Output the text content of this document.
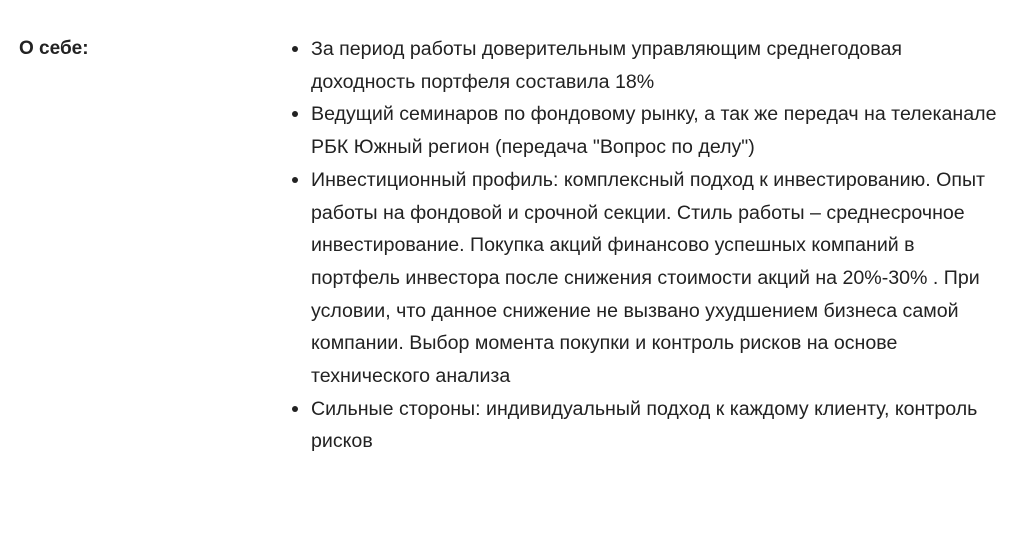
О себе:	За период работы доверительным управляющим среднегодовая доходность портфеля составила 18%
Ведущий семинаров по фондовому рынку, а так же передач на телеканале РБК Южный регион (передача "Вопрос по делу")
Инвестиционный профиль: комплексный подход к инвестированию. Опыт работы на фондовой и срочной секции. Стиль работы – среднесрочное инвестирование. Покупка акций финансово успешных компаний в портфель инвестора после снижения стоимости акций на 20%-30% . При условии, что данное снижение не вызвано ухудшением бизнеса самой компании. Выбор момента покупки и контроль рисков на основе технического анализа
Сильные стороны: индивидуальный подход к каждому клиенту, контроль рисков
